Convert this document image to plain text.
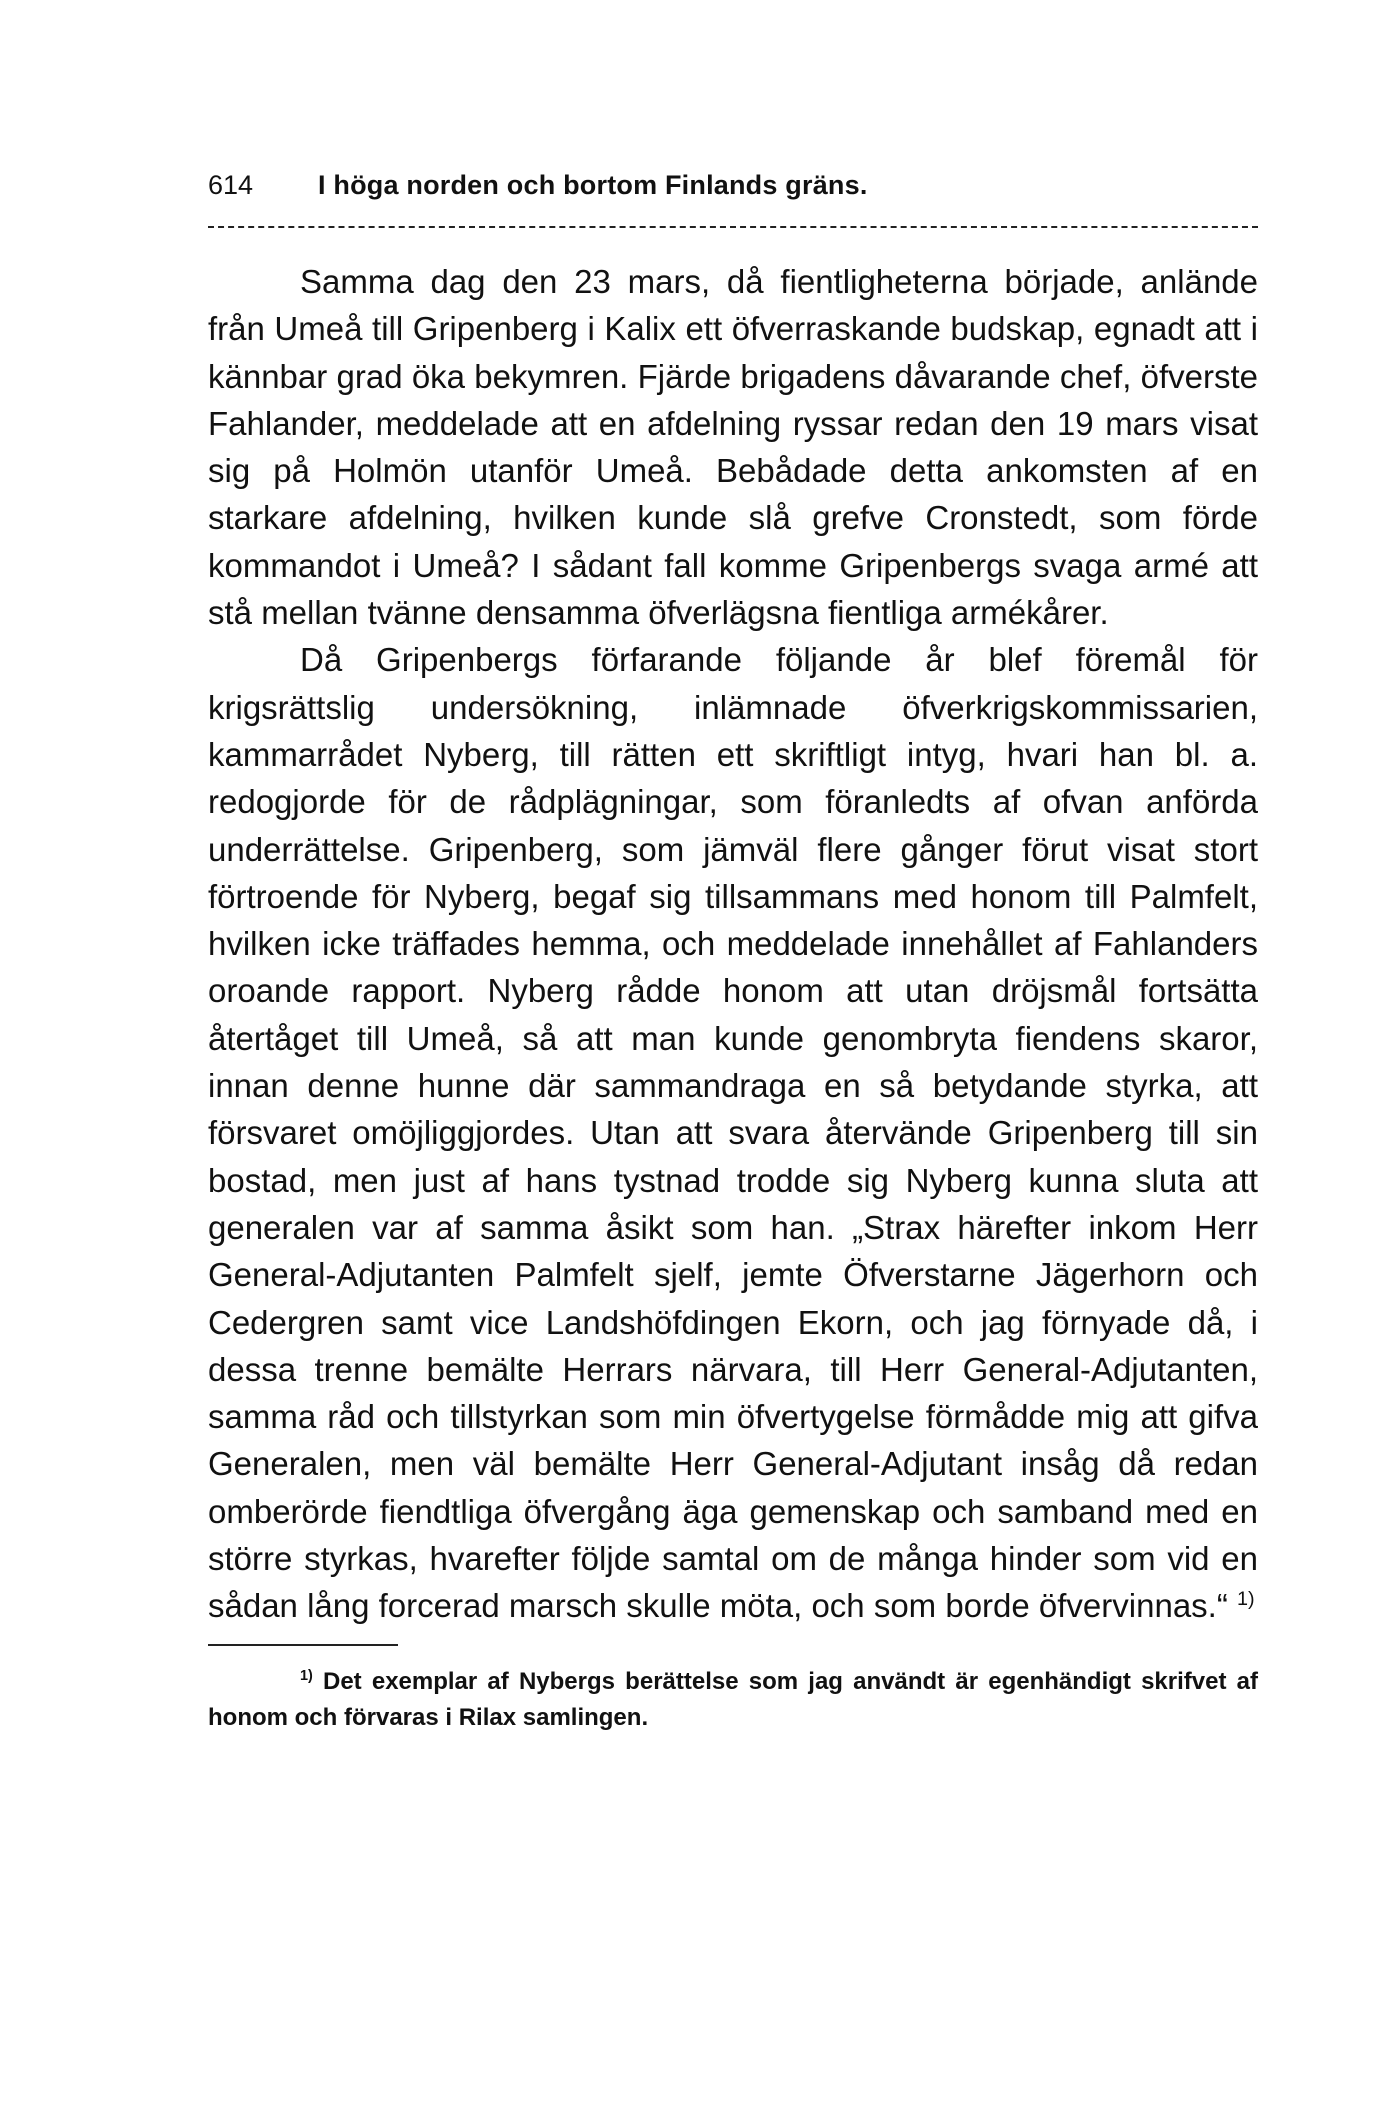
614	I höga norden och bortom Finlands gräns.

Samma dag den 23 mars, då fientligheterna började, anlände från Umeå till Gripenberg i Kalix ett öfverraskande budskap, egnadt att i kännbar grad öka bekymren. Fjärde brigadens dåvarande chef, öfverste Fahlander, meddelade att en afdelning ryssar redan den 19 mars visat sig på Holmön utanför Umeå. Bebådade detta ankomsten af en starkare afdelning, hvilken kunde slå grefve Cronstedt, som förde kommandot i Umeå? I sådant fall komme Gripenbergs svaga armé att stå mellan tvänne densamma öfverlägsna fientliga armékårer.

Då Gripenbergs förfarande följande år blef föremål för krigsrättslig undersökning, inlämnade öfverkrigskommissarien, kammarrådet Nyberg, till rätten ett skriftligt intyg, hvari han bl. a. redogjorde för de rådplägningar, som föranledts af ofvan anförda underrättelse. Gripenberg, som jämväl flere gånger förut visat stort förtroende för Nyberg, begaf sig tillsammans med honom till Palmfelt, hvilken icke träffades hemma, och meddelade innehållet af Fahlanders oroande rapport. Nyberg rådde honom att utan dröjsmål fortsätta återtåget till Umeå, så att man kunde genombryta fiendens skaror, innan denne hunne där sammandraga en så betydande styrka, att försvaret omöjliggjordes. Utan att svara återvände Gripenberg till sin bostad, men just af hans tystnad trodde sig Nyberg kunna sluta att generalen var af samma åsikt som han. „Strax härefter inkom Herr General-Adjutanten Palmfelt sjelf, jemte Öfverstarne Jägerhorn och Cedergren samt vice Landshöfdingen Ekorn, och jag förnyade då, i dessa trenne bemälte Herrars närvara, till Herr General-Adjutanten, samma råd och tillstyrkan som min öfvertygelse förmådde mig att gifva Generalen, men väl bemälte Herr General-Adjutant insåg då redan omberörde fiendtliga öfvergång äga gemenskap och samband med en större styrkas, hvarefter följde samtal om de många hinder som vid en sådan lång forcerad marsch skulle möta, och som borde öfvervinnas.“ $^{1)}$

$^{1)}$ Det exemplar af Nybergs berättelse som jag användt är egenhändigt skrifvet af honom och förvaras i Rilax samlingen.
